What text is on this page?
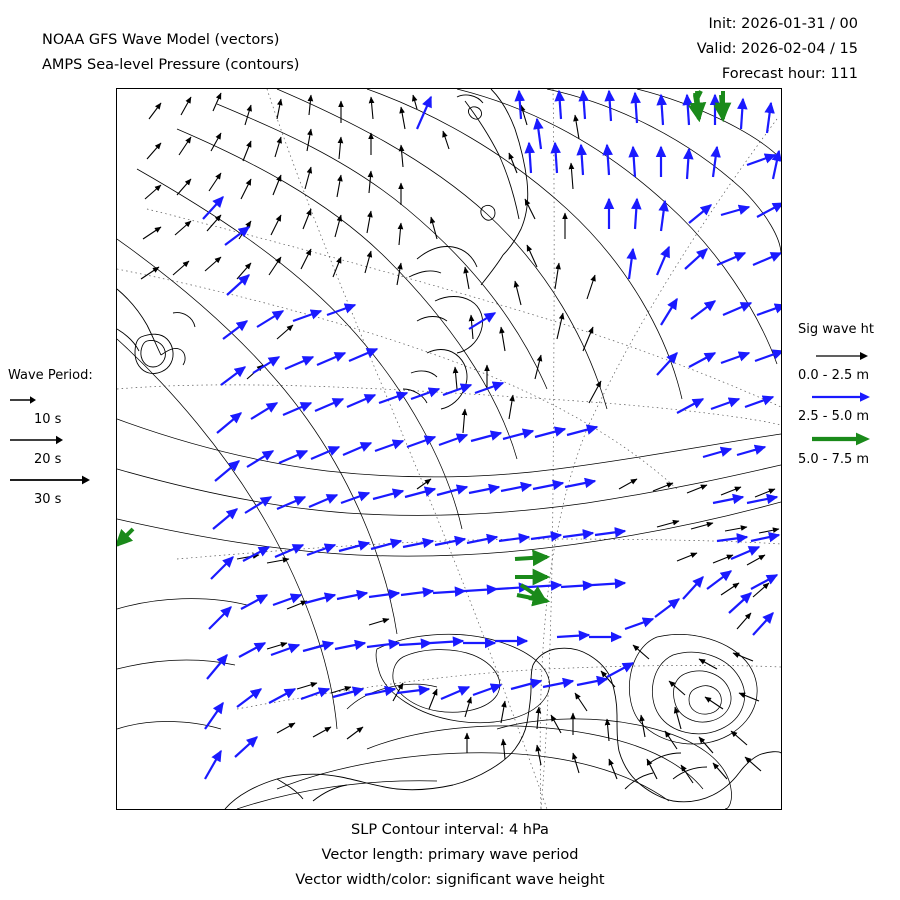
NOAA GFS Wave Model (vectors)
AMPS Sea-level Pressure (contours)
Init: 2026-01-31 / 00
Valid: 2026-02-04 / 15
Forecast hour: 111
Wave Period:
10 s
20 s
30 s
Sig wave ht
0.0 - 2.5 m
2.5 - 5.0 m
5.0 - 7.5 m
SLP Contour interval: 4 hPa
Vector length: primary wave period
Vector width/color: significant wave height
